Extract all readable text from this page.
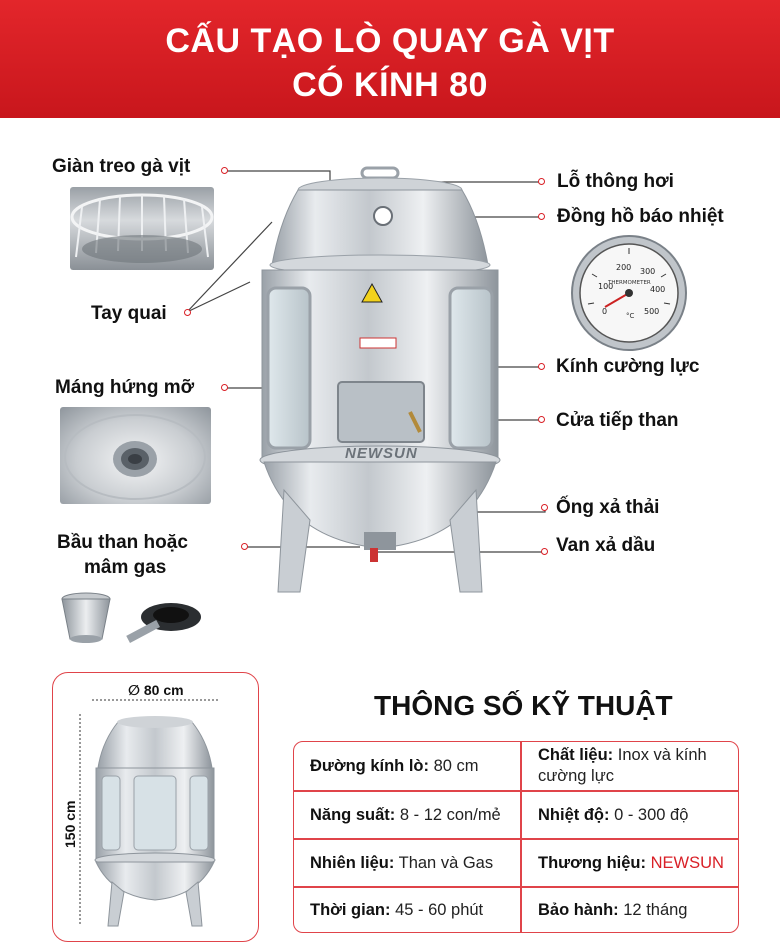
CẤU TẠO LÒ QUAY GÀ VỊT
CÓ KÍNH 80
Giàn treo gà vịt
Tay quai
Máng hứng mỡ
Bầu than hoặc
mâm gas
Lỗ thông hơi
Đồng hồ báo nhiệt
0
100
200 300
400
500
THERMOMETER
°C
Kính cường lực
Cửa tiếp than
Ống xả thải
Van xả dầu
NEWSUN
∅ 80 cm
150 cm
THÔNG SỐ KỸ THUẬT
Đường kính lò: 80 cm
Chất liệu: Inox và kính cường lực
Năng suất: 8 - 12 con/mẻ Nhiệt độ: 0 - 300 độ
Nhiên liệu: Than và Gas	Thương hiệu: NEWSUN
Thời gian: 45 - 60 phút	Bảo hành: 12 tháng
